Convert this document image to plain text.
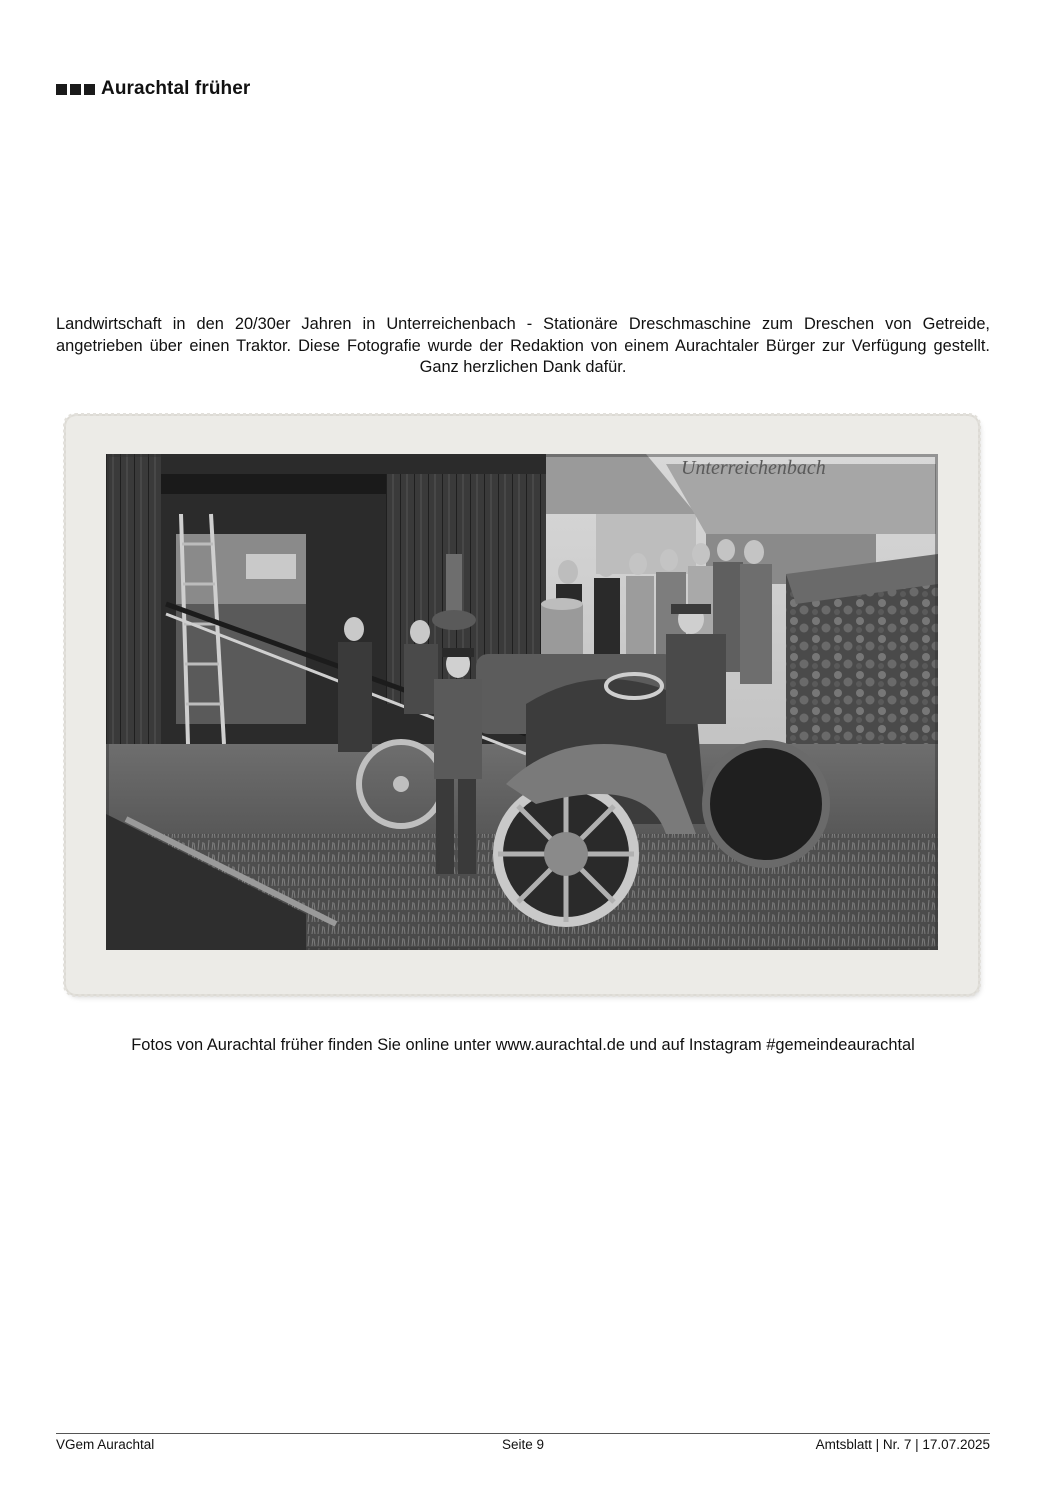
Aurachtal früher
Landwirtschaft in den 20/30er Jahren in Unterreichenbach - Stationäre Dreschmaschine zum Dreschen von Getreide, angetrieben über einen Traktor. Diese Fotografie wurde der Redaktion von einem Aurachtaler Bürger zur Verfügung gestellt. Ganz herzlichen Dank dafür.
Unterreichenbach
Fotos von Aurachtal früher finden Sie online unter www.aurachtal.de und auf Instagram #gemeindeaurachtal
VGem Aurachtal	Seite 9	Amtsblatt | Nr. 7 | 17.07.2025
